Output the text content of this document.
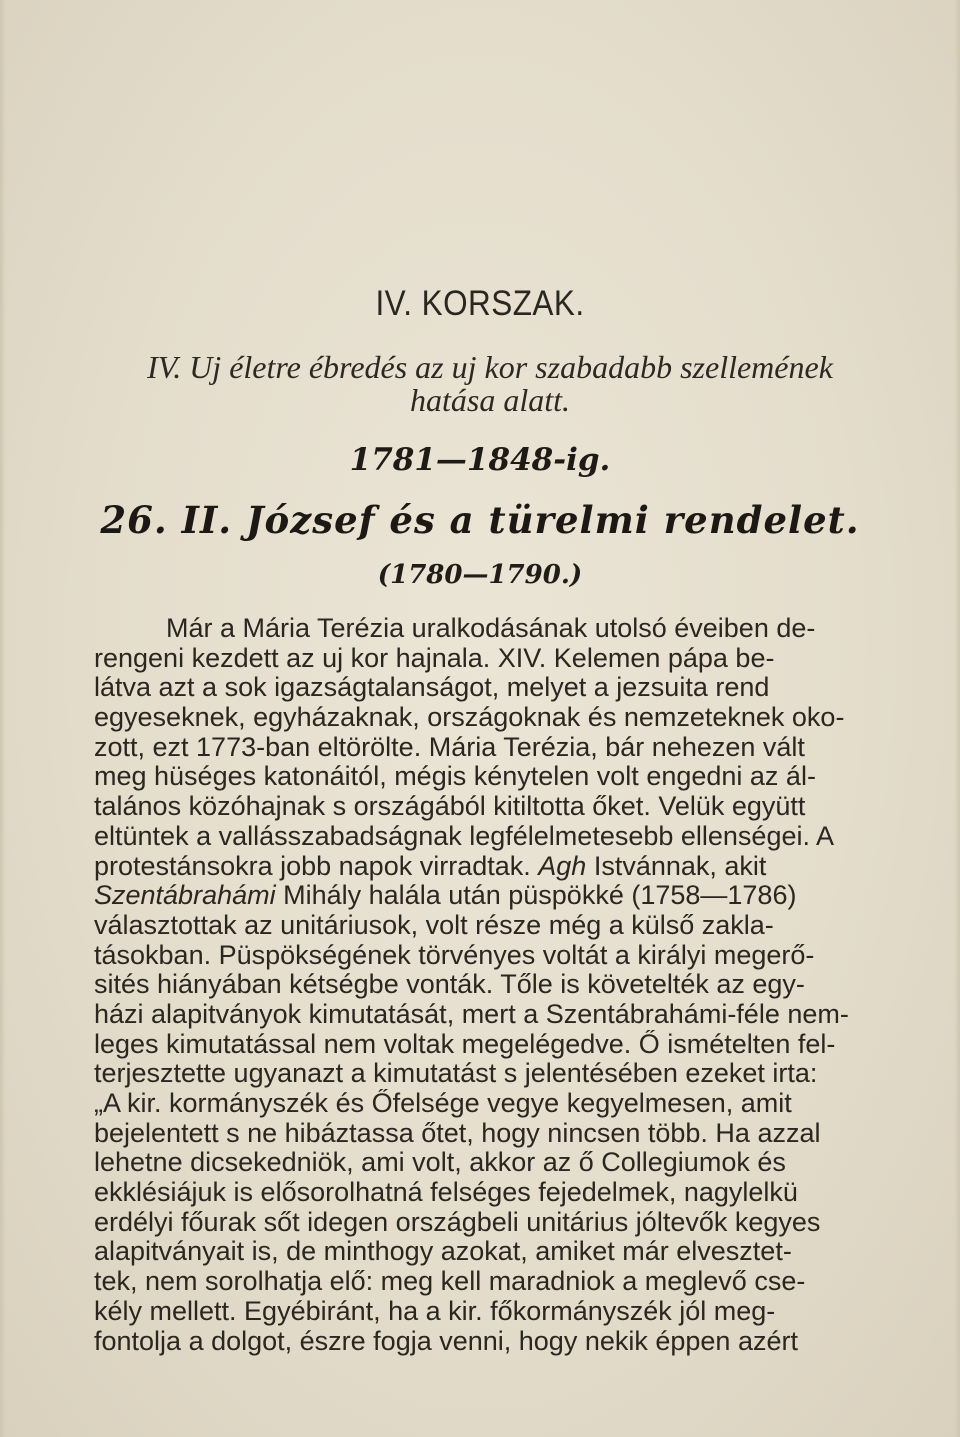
IV. KORSZAK.
IV. Uj életre ébredés az uj kor szabadabb szellemének
hatása alatt.
1781—1848-ig.
26. II. József és a türelmi rendelet.
(1780—1790.)
Már a Mária Terézia uralkodásának utolsó éveiben de-
rengeni kezdett az uj kor hajnala. XIV. Kelemen pápa be-
látva azt a sok igazságtalanságot, melyet a jezsuita rend
egyeseknek, egyházaknak, országoknak és nemzeteknek oko-
zott, ezt 1773-ban eltörölte. Mária Terézia, bár nehezen vált
meg hüséges katonáitól, mégis kénytelen volt engedni az ál-
talános közóhajnak s országából kitiltotta őket. Velük együtt
eltüntek a vallásszabadságnak legfélelmetesebb ellenségei. A
protestánsokra jobb napok virradtak. Agh Istvánnak, akit
Szentábrahámi Mihály halála után püspökké (1758—1786)
választottak az unitáriusok, volt része még a külső zakla-
tásokban. Püspökségének törvényes voltát a királyi megerő-
sités hiányában kétségbe vonták. Tőle is követelték az egy-
házi alapitványok kimutatását, mert a Szentábrahámi-féle nem-
leges kimutatással nem voltak megelégedve. Ő ismételten fel-
terjesztette ugyanazt a kimutatást s jelentésében ezeket irta:
„A kir. kormányszék és Őfelsége vegye kegyelmesen, amit
bejelentett s ne hibáztassa őtet, hogy nincsen több. Ha azzal
lehetne dicsekedniök, ami volt, akkor az ő Collegiumok és
ekklésiájuk is elősorolhatná felséges fejedelmek, nagylelkü
erdélyi főurak sőt idegen országbeli unitárius jóltevők kegyes
alapitványait is, de minthogy azokat, amiket már elvesztet-
tek, nem sorolhatja elő: meg kell maradniok a meglevő cse-
kély mellett. Egyébiránt, ha a kir. főkormányszék jól meg-
fontolja a dolgot, észre fogja venni, hogy nekik éppen azért
